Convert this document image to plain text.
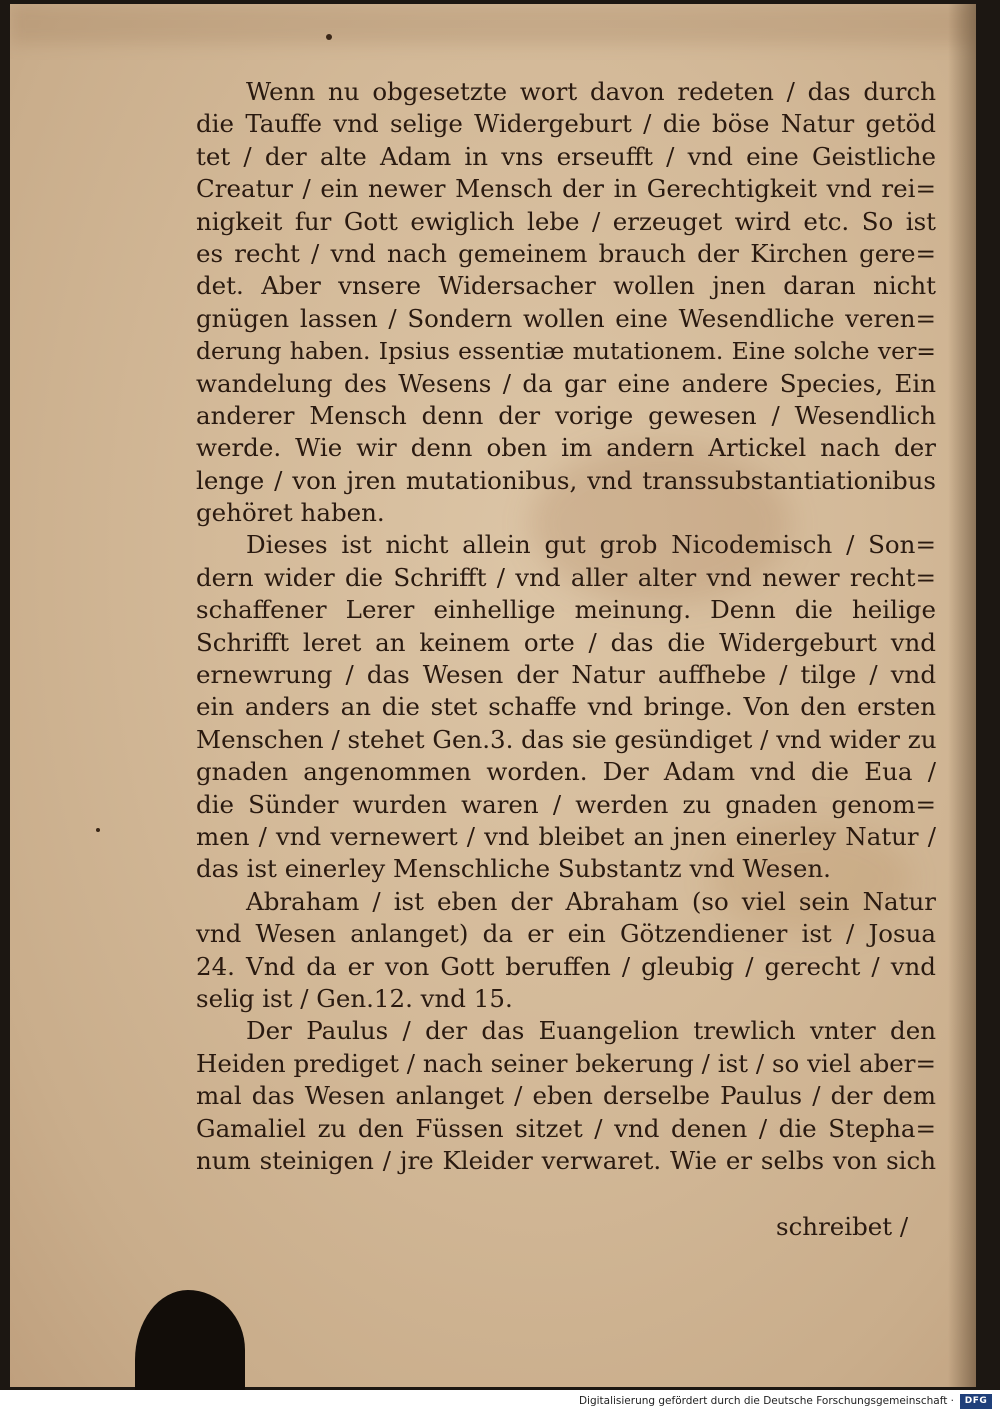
Wenn nu obgesetzte wort davon redeten / das durch
die Tauffe vnd selige Widergeburt / die böse Natur getöd
tet / der alte Adam in vns erseufft / vnd eine Geistliche
Creatur / ein newer Mensch der in Gerechtigkeit vnd rei=
nigkeit fur Gott ewiglich lebe / erzeuget wird etc. So ist
es recht / vnd nach gemeinem brauch der Kirchen gere=
det. Aber vnsere Widersacher wollen jnen daran nicht
gnügen lassen / Sondern wollen eine Wesendliche veren=
derung haben. Ipsius essentiæ mutationem. Eine solche ver=
wandelung des Wesens / da gar eine andere Species, Ein
anderer Mensch denn der vorige gewesen / Wesendlich
werde. Wie wir denn oben im andern Artickel nach der
lenge / von jren mutationibus, vnd transsubstantiationibus
gehöret haben.
Dieses ist nicht allein gut grob Nicodemisch / Son=
dern wider die Schrifft / vnd aller alter vnd newer recht=
schaffener Lerer einhellige meinung. Denn die heilige
Schrifft leret an keinem orte / das die Widergeburt vnd
ernewrung / das Wesen der Natur auffhebe / tilge / vnd
ein anders an die stet schaffe vnd bringe. Von den ersten
Menschen / stehet Gen.3. das sie gesündiget / vnd wider zu
gnaden angenommen worden. Der Adam vnd die Eua /
die Sünder wurden waren / werden zu gnaden genom=
men / vnd vernewert / vnd bleibet an jnen einerley Natur /
das ist einerley Menschliche Substantz vnd Wesen.
Abraham / ist eben der Abraham (so viel sein Natur
vnd Wesen anlanget) da er ein Götzendiener ist / Josua
24. Vnd da er von Gott beruffen / gleubig / gerecht / vnd
selig ist / Gen.12. vnd 15.
Der Paulus / der das Euangelion trewlich vnter den
Heiden prediget / nach seiner bekerung / ist / so viel aber=
mal das Wesen anlanget / eben derselbe Paulus / der dem
Gamaliel zu den Füssen sitzet / vnd denen / die Stepha=
num steinigen / jre Kleider verwaret. Wie er selbs von sich
schreibet /
Digitalisierung gefördert durch die Deutsche Forschungsgemeinschaft ·	DFG
